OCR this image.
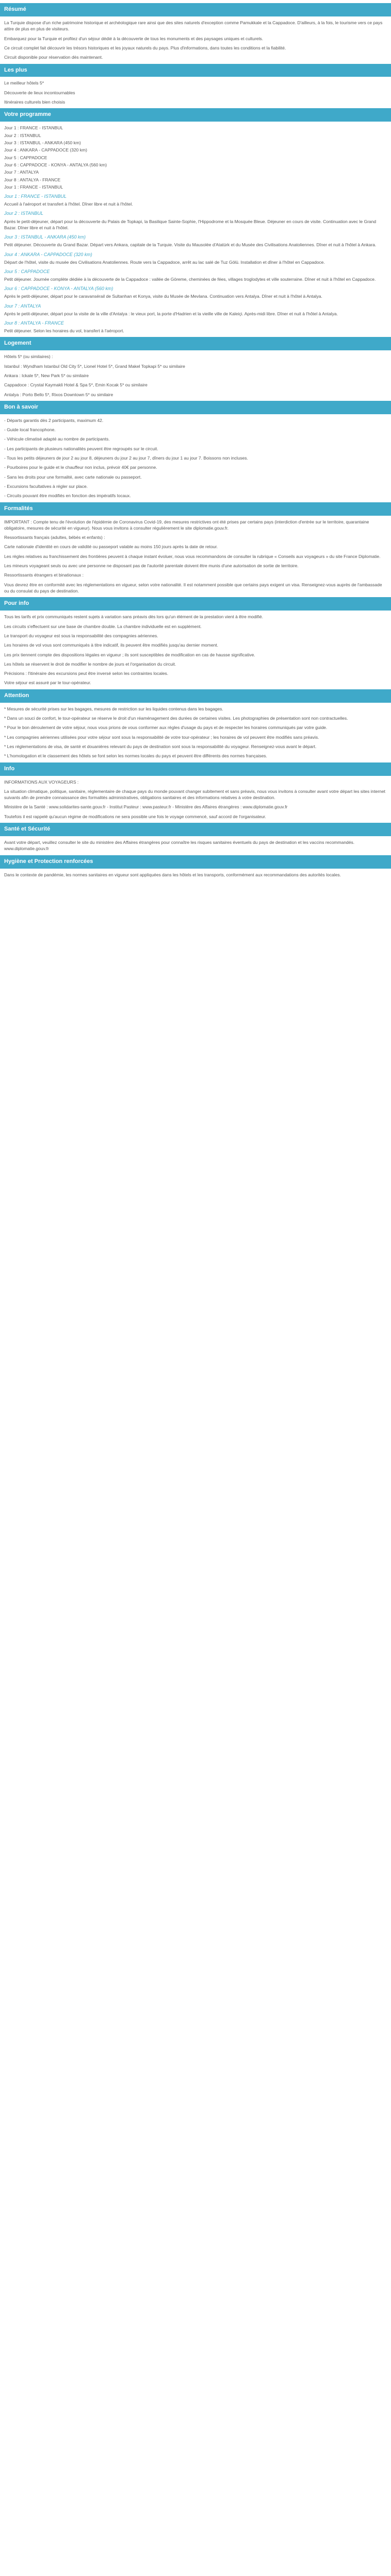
Résumé

La Turquie dispose d'un riche patrimoine historique et archéologique rare ainsi que des sites naturels d'exception comme Pamukkale et la Cappadoce. D'ailleurs, à la fois, le tourisme vers ce pays attire de plus en plus de visiteurs.

Embarquez pour la Turquie et profitez d'un séjour dédié à la découverte de tous les monuments et des paysages uniques et culturels.

Ce circuit complet fait découvrir les trésors historiques et les joyaux naturels du pays. Plus d'informations, dans toutes les conditions et la fiabilité.

Circuit disponible pour réservation dès maintenant.

Les plus

Le meilleur hôtels 5*

Découverte de lieux incontournables

Itinéraires culturels bien choisis

Votre programme
Jour 1 : FRANCE - ISTANBUL
Jour 2 : ISTANBUL
Jour 3 : ISTANBUL - ANKARA (450 km)
Jour 4 : ANKARA - CAPPADOCE (320 km)
Jour 5 : CAPPADOCE
Jour 6 : CAPPADOCE - KONYA - ANTALYA (560 km)
Jour 7 : ANTALYA
Jour 8 : ANTALYA - FRANCE
Jour 1 : FRANCE - ISTANBUL
Jour 1 : FRANCE - ISTANBUL

Accueil à l'aéroport et transfert à l'hôtel. Dîner libre et nuit à l'hôtel.

Jour 2 : ISTANBUL

Après le petit-déjeuner, départ pour la découverte du Palais de Topkapi, la Basilique Sainte-Sophie, l'Hippodrome et la Mosquée Bleue. Déjeuner en cours de visite. Continuation avec le Grand Bazar. Dîner libre et nuit à l'hôtel.

Jour 3 : ISTANBUL - ANKARA (450 km)

Petit déjeuner. Découverte du Grand Bazar. Départ vers Ankara, capitale de la Turquie. Visite du Mausolée d'Atatürk et du Musée des Civilisations Anatoliennes. Dîner et nuit à l'hôtel à Ankara.

Jour 4 : ANKARA - CAPPADOCE (320 km)

Départ de l'hôtel, visite du musée des Civilisations Anatoliennes. Route vers la Cappadoce, arrêt au lac salé de Tuz Gölü. Installation et dîner à l'hôtel en Cappadoce.

Jour 5 : CAPPADOCE

Petit déjeuner. Journée complète dédiée à la découverte de la Cappadoce : vallée de Göreme, cheminées de fées, villages troglodytes et ville souterraine. Dîner et nuit à l'hôtel en Cappadoce.

Jour 6 : CAPPADOCE - KONYA - ANTALYA (560 km)

Après le petit-déjeuner, départ pour le caravansérail de Sultanhan et Konya, visite du Musée de Mevlana. Continuation vers Antalya. Dîner et nuit à l'hôtel à Antalya.

Jour 7 : ANTALYA

Après le petit-déjeuner, départ pour la visite de la ville d'Antalya : le vieux port, la porte d'Hadrien et la vieille ville de Kaleiçi. Après-midi libre. Dîner et nuit à l'hôtel à Antalya.

Jour 8 : ANTALYA - FRANCE

Petit déjeuner. Selon les horaires du vol, transfert à l'aéroport.

Logement

Hôtels 5* (ou similaires) :

Istanbul : Wyndham Istanbul Old City 5*, Lionel Hotel 5*, Grand Makel Topkapi 5* ou similaire

Ankara : Ickale 5*, New Park 5* ou similaire

Cappadoce : Crystal Kaymakli Hotel & Spa 5*, Emin Kocak 5* ou similaire

Antalya : Porto Bello 5*, Rixos Downtown 5* ou similaire

Bon à savoir

- Départs garantis dès 2 participants, maximum 42.

- Guide local francophone.

- Véhicule climatisé adapté au nombre de participants.

- Les participants de plusieurs nationalités peuvent être regroupés sur le circuit.

- Tous les petits déjeuners de jour 2 au jour 8, déjeuners du jour 2 au jour 7, dîners du jour 1 au jour 7. Boissons non incluses.

- Pourboires pour le guide et le chauffeur non inclus, prévoir 40€ par personne.

- Sans les droits pour une formalité, avec carte nationale ou passeport.

- Excursions facultatives à régler sur place.

- Circuits pouvant être modifiés en fonction des impératifs locaux.

Formalités

IMPORTANT : Compte tenu de l'évolution de l'épidémie de Coronavirus Covid-19, des mesures restrictives ont été prises par certains pays (interdiction d'entrée sur le territoire, quarantaine obligatoire, mesures de sécurité en vigueur). Nous vous invitons à consulter régulièrement le site diplomatie.gouv.fr.

Ressortissants français (adultes, bébés et enfants) :

Carte nationale d'identité en cours de validité ou passeport valable au moins 150 jours après la date de retour.

Les règles relatives au franchissement des frontières peuvent à chaque instant évoluer, nous vous recommandons de consulter la rubrique « Conseils aux voyageurs » du site France Diplomatie.

Les mineurs voyageant seuls ou avec une personne ne disposant pas de l'autorité parentale doivent être munis d'une autorisation de sortie de territoire.

Ressortissants étrangers et binationaux :

Vous devrez être en conformité avec les réglementations en vigueur, selon votre nationalité. Il est notamment possible que certains pays exigent un visa. Renseignez-vous auprès de l'ambassade ou du consulat du pays de destination.

Pour info

Tous les tarifs et prix communiqués restent sujets à variation sans préavis dès lors qu'un élément de la prestation vient à être modifié.

Les circuits s'effectuent sur une base de chambre double. La chambre individuelle est en supplément.

Le transport du voyageur est sous la responsabilité des compagnies aériennes.

Les horaires de vol vous sont communiqués à titre indicatif, ils peuvent être modifiés jusqu'au dernier moment.

Les prix tiennent compte des dispositions légales en vigueur ; ils sont susceptibles de modification en cas de hausse significative.

Les hôtels se réservent le droit de modifier le nombre de jours et l'organisation du circuit.

Précisions : l'itinéraire des excursions peut être inversé selon les contraintes locales.

Votre séjour est assuré par le tour-opérateur.

Attention

* Mesures de sécurité prises sur les bagages, mesures de restriction sur les liquides contenus dans les bagages.

* Dans un souci de confort, le tour-opérateur se réserve le droit d'un réaménagement des durées de certaines visites. Les photographies de présentation sont non contractuelles.

* Pour le bon déroulement de votre séjour, nous vous prions de vous conformer aux règles d'usage du pays et de respecter les horaires communiqués par votre guide.

* Les compagnies aériennes utilisées pour votre séjour sont sous la responsabilité de votre tour-opérateur ; les horaires de vol peuvent être modifiés sans préavis.

* Les réglementations de visa, de santé et douanières relevant du pays de destination sont sous la responsabilité du voyageur. Renseignez-vous avant le départ.

* L'homologation et le classement des hôtels se font selon les normes locales du pays et peuvent être différents des normes françaises.

Info

INFORMATIONS AUX VOYAGEURS :

La situation climatique, politique, sanitaire, réglementaire de chaque pays du monde pouvant changer subitement et sans préavis, nous vous invitons à consulter avant votre départ les sites internet suivants afin de prendre connaissance des formalités administratives, obligations sanitaires et des informations relatives à votre destination.

Ministère de la Santé : www.solidarites-sante.gouv.fr - Institut Pasteur : www.pasteur.fr - Ministère des Affaires étrangères : www.diplomatie.gouv.fr

Toutefois il est rappelé qu'aucun régime de modifications ne sera possible une fois le voyage commencé, sauf accord de l'organisateur.

Santé et Sécurité

Avant votre départ, veuillez consulter le site du ministère des Affaires étrangères pour connaître les risques sanitaires éventuels du pays de destination et les vaccins recommandés. www.diplomatie.gouv.fr

Hygiène et Protection renforcées

Dans le contexte de pandémie, les normes sanitaires en vigueur sont appliquées dans les hôtels et les transports, conformément aux recommandations des autorités locales.
